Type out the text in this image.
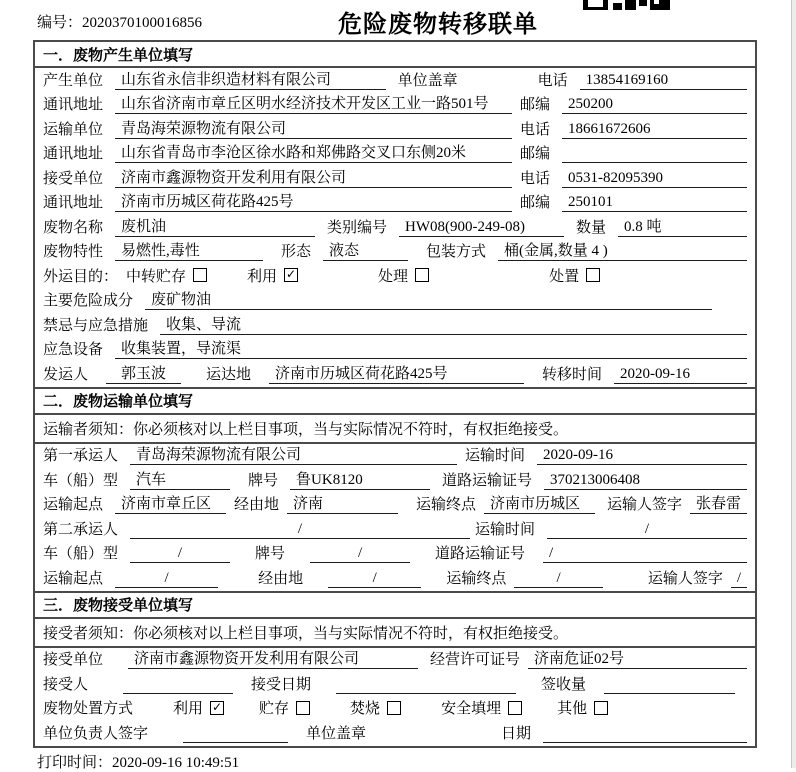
编号：2020370100016856	危险废物转移联单
一．废物产生单位填写
产生单位	山东省永信非织造材料有限公司	单位盖章	电话	13854169160
通讯地址	山东省济南市章丘区明水经济技术开发区工业一路501号	邮编	250200
运输单位	青岛海荣源物流有限公司	电话	18661672606
通讯地址	山东省青岛市李沧区徐水路和郑佛路交叉口东侧20米	邮编
接受单位	济南市鑫源物资开发利用有限公司	电话	0531-82095390
通讯地址	济南市历城区荷花路425号	邮编	250101
废物名称	废机油	类别编号	HW08(900-249-08)	数量	0.8 吨
废物特性	易燃性,毒性	形态	液态	包装方式	桶(金属,数量 4 )
外运目的： 中转贮存	利用 ✓	处理	处置
主要危险成分	废矿物油
禁忌与应急措施	收集、导流
应急设备	收集装置，导流渠
发运人	郭玉波	运达地	济南市历城区荷花路425号	转移时间	2020-09-16
二．废物运输单位填写
运输者须知：你必须核对以上栏目事项，当与实际情况不符时，有权拒绝接受。
第一承运人	青岛海荣源物流有限公司	运输时间	2020-09-16
车（船）型	汽车	牌号	鲁UK8120	道路运输证号	370213006408
运输起点	济南市章丘区	经由地 济南	运输终点 济南市历城区	运输人签字 张春雷
第二承运人	/	运输时间	/
车（船）型	/	牌号	/	道路运输证号	/
运输起点	/	经由地	/	运输终点	/	运输人签字 /
三．废物接受单位填写
接受者须知：你必须核对以上栏目事项，当与实际情况不符时，有权拒绝接受。
接受单位	济南市鑫源物资开发利用有限公司	经营许可证号 济南危证02号
接受人	接受日期	签收量
废物处置方式	利用 ✓ 贮存	焚烧	安全填埋	其他
单位负责人签字	单位盖章	日期
打印时间：2020-09-16 10:49:51
